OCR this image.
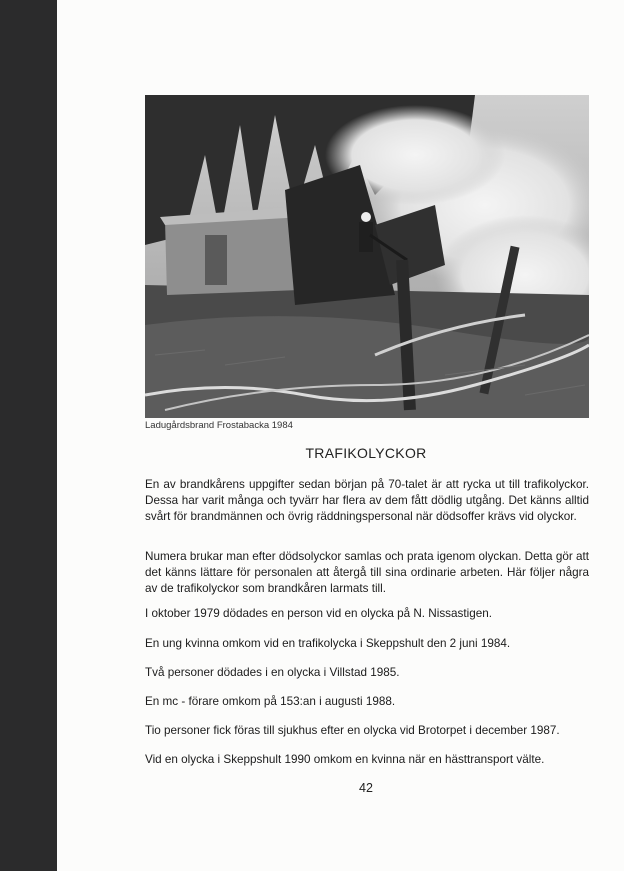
Ladugårdsbrand Frostabacka 1984
TRAFIKOLYCKOR

En av brandkårens uppgifter sedan början på 70-talet är att rycka ut till trafikolyckor. Dessa har varit många och tyvärr har flera av dem fått dödlig utgång. Det känns alltid svårt för brandmännen och övrig räddningspersonal när dödsoffer krävs vid olyckor.

Numera brukar man efter dödsolyckor samlas och prata igenom olyckan. Detta gör att det känns lättare för personalen att återgå till sina ordinarie arbeten. Här följer några av de trafikolyckor som brandkåren larmats till.

I oktober 1979 dödades en person vid en olycka på N. Nissastigen.

En ung kvinna omkom vid en trafikolycka i Skeppshult den 2 juni 1984.

Två personer dödades i en olycka i Villstad 1985.

En mc - förare omkom på 153:an i augusti 1988.

Tio personer fick föras till sjukhus efter en olycka vid Brotorpet i december 1987.

Vid en olycka i Skeppshult 1990 omkom en kvinna när en hästtransport välte.

42
